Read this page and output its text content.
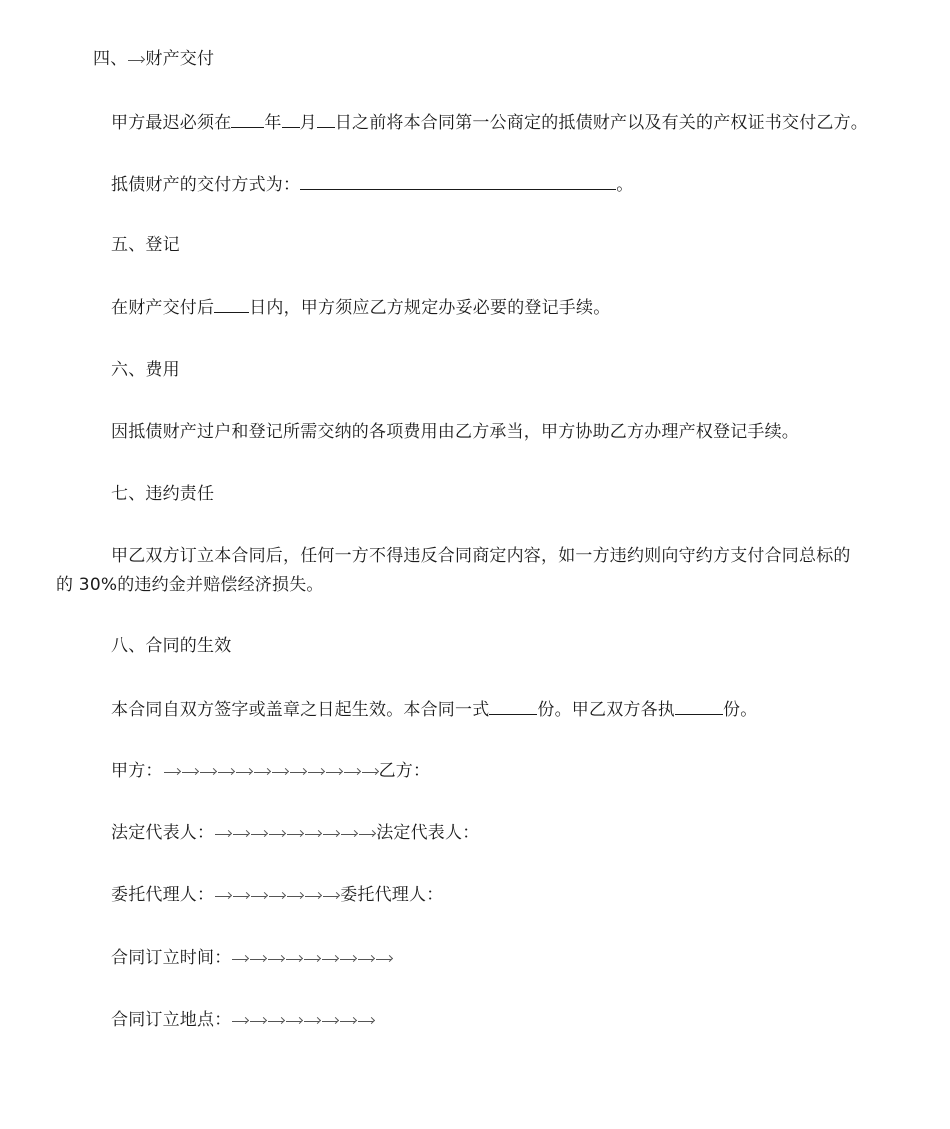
四、 财产交付
甲方最迟必须在 年 月 日之前将本合同第一公商定的抵债财产以及有关的产权证书交付乙方。
抵债财产的交付方式为：	。
五、登记
在财产交付后 日内，甲方须应乙方规定办妥必要的登记手续。
六、费用
因抵债财产过户和登记所需交纳的各项费用由乙方承当，甲方协助乙方办理产权登记手续。
七、违约责任
甲乙双方订立本合同后，任何一方不得违反合同商定内容，如一方违约则向守约方支付合同总标的
的 30%的违约金并赔偿经济损失。
八、合同的生效
本合同自双方签字或盖章之日起生效。本合同一式	份。甲乙双方各执	份。
甲方：	乙方：
法定代表人：	法定代表人：
委托代理人：	委托代理人：
合同订立时间：
合同订立地点：
